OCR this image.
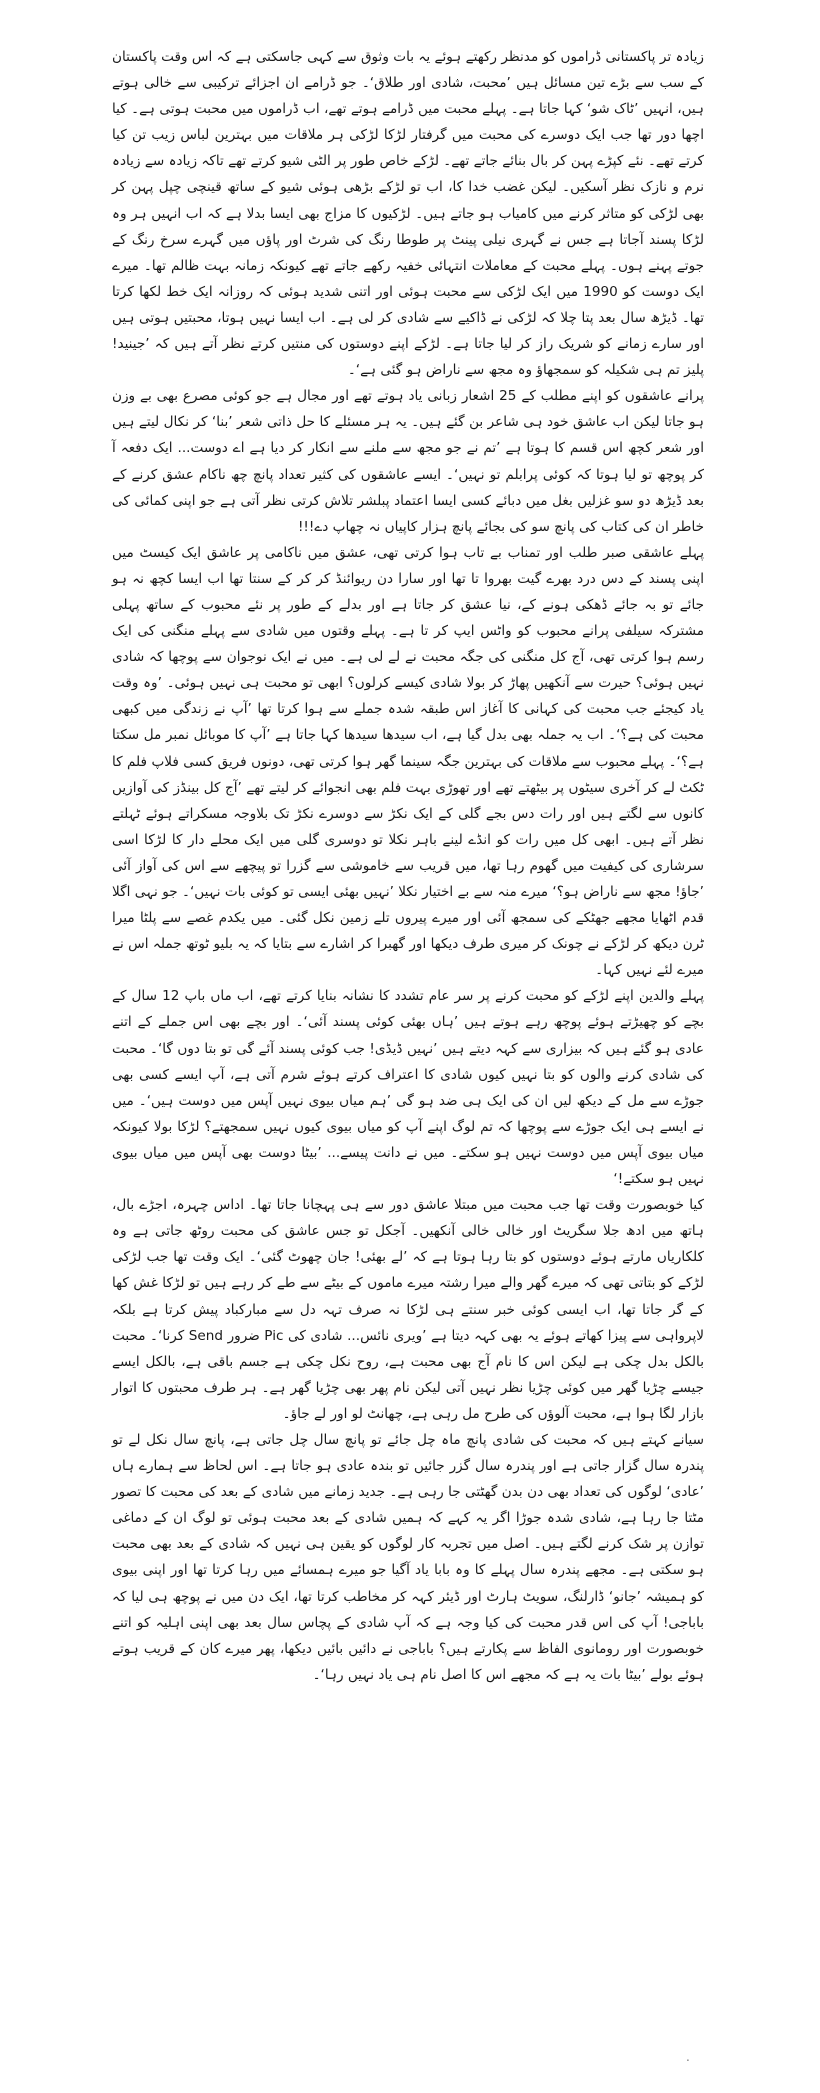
زیادہ تر پاکستانی ڈراموں کو مدنظر رکھتے ہوئے یہ بات وثوق سے کہی جاسکتی ہے کہ اس وقت پاکستان کے سب سے بڑے تین مسائل ہیں ’محبت، شادی اور طلاق‘۔ جو ڈرامے ان اجزائے ترکیبی سے خالی ہوتے ہیں، انہیں ’ٹاک شو‘ کہا جاتا ہے۔ پہلے محبت میں ڈرامے ہوتے تھے، اب ڈراموں میں محبت ہوتی ہے۔ کیا اچھا دور تھا جب ایک دوسرے کی محبت میں گرفتار لڑکا لڑکی ہر ملاقات میں بہترین لباس زیب تن کیا کرتے تھے۔ نئے کپڑے پہن کر بال بنائے جاتے تھے۔ لڑکے خاص طور پر الٹی شیو کرتے تھے تاکہ زیادہ سے زیادہ نرم و نازک نظر آسکیں۔ لیکن غضب خدا کا، اب تو لڑکے بڑھی ہوئی شیو کے ساتھ قینچی چپل پہن کر بھی لڑکی کو متاثر کرنے میں کامیاب ہو جاتے ہیں۔ لڑکیوں کا مزاج بھی ایسا بدلا ہے کہ اب انہیں ہر وہ لڑکا پسند آجاتا ہے جس نے گہری نیلی پینٹ پر طوطا رنگ کی شرٹ اور پاؤں میں گہرے سرخ رنگ کے جوتے پہنے ہوں۔ پہلے محبت کے معاملات انتہائی خفیہ رکھے جاتے تھے کیونکہ زمانہ بہت ظالم تھا۔ میرے ایک دوست کو 1990 میں ایک لڑکی سے محبت ہوئی اور اتنی شدید ہوئی کہ روزانہ ایک خط لکھا کرتا تھا۔ ڈیڑھ سال بعد پتا چلا کہ لڑکی نے ڈاکیے سے شادی کر لی ہے۔ اب ایسا نہیں ہوتا، محبتیں ہوتی ہیں اور سارے زمانے کو شریک راز کر لیا جاتا ہے۔ لڑکے اپنے دوستوں کی منتیں کرتے نظر آتے ہیں کہ ’جینید! پلیز تم ہی شکیلہ کو سمجھاؤ وہ مجھ سے ناراض ہو گئی ہے‘۔

پرانے عاشقوں کو اپنے مطلب کے 25 اشعار زبانی یاد ہوتے تھے اور مجال ہے جو کوئی مصرع بھی بے وزن ہو جاتا لیکن اب عاشق خود ہی شاعر بن گئے ہیں۔ یہ ہر مسئلے کا حل ذاتی شعر ’بنا‘ کر نکال لیتے ہیں اور شعر کچھ اس قسم کا ہوتا ہے ’تم نے جو مجھ سے ملنے سے انکار کر دیا ہے اے دوست... ایک دفعہ آ کر پوچھ تو لیا ہوتا کہ کوئی پرابلم تو نہیں‘۔ ایسے عاشقوں کی کثیر تعداد پانچ چھ ناکام عشق کرنے کے بعد ڈیڑھ دو سو غزلیں بغل میں دبائے کسی ایسا اعتماد پبلشر تلاش کرتی نظر آتی ہے جو اپنی کمائی کی خاطر ان کی کتاب کی پانچ سو کی بجائے پانچ ہزار کاپیاں نہ چھاپ دے!!!

پہلے عاشقی صبر طلب اور تمناب بے تاب ہوا کرتی تھی، عشق میں ناکامی پر عاشق ایک کیسٹ میں اپنی پسند کے دس درد بھرے گیت بھروا تا تھا اور سارا دن ریوائنڈ کر کر کے سنتا تھا اب ایسا کچھ نہ ہو جائے تو بہ جائے ڈھکی ہونے کے، نیا عشق کر جاتا ہے اور بدلے کے طور پر نئے محبوب کے ساتھ پہلی مشترکہ سیلفی پرانے محبوب کو واٹس ایپ کر تا ہے۔ پہلے وقتوں میں شادی سے پہلے منگنی کی ایک رسم ہوا کرتی تھی، آج کل منگنی کی جگہ محبت نے لے لی ہے۔ میں نے ایک نوجوان سے پوچھا کہ شادی نہیں ہوئی؟ حیرت سے آنکھیں پھاڑ کر بولا شادی کیسے کرلوں؟ ابھی تو محبت ہی نہیں ہوئی۔ ’وہ وقت یاد کیجئے جب محبت کی کہانی کا آغاز اس طبقہ شدہ جملے سے ہوا کرتا تھا ’آپ نے زندگی میں کبھی محبت کی ہے؟‘۔ اب یہ جملہ بھی بدل گیا ہے، اب سیدھا سیدھا کہا جاتا ہے ’آپ کا موبائل نمبر مل سکتا ہے؟‘۔ پہلے محبوب سے ملاقات کی بہترین جگہ سینما گھر ہوا کرتی تھی، دونوں فریق کسی فلاپ فلم کا ٹکٹ لے کر آخری سیٹوں پر بیٹھتے تھے اور تھوڑی بہت فلم بھی انجوائے کر لیتے تھے ’آج کل بینڈز کی آوازیں کانوں سے لگتے ہیں اور رات دس بجے گلی کے ایک نکڑ سے دوسرے نکڑ تک بلاوجہ مسکراتے ہوئے ٹہلتے نظر آتے ہیں۔ ابھی کل میں رات کو انڈے لینے باہر نکلا تو دوسری گلی میں ایک محلے دار کا لڑکا اسی سرشاری کی کیفیت میں گھوم رہا تھا، میں قریب سے خاموشی سے گزرا تو پیچھے سے اس کی آواز آئی ’جاؤ! مجھ سے ناراض ہو؟‘ میرے منہ سے بے اختیار نکلا ’نہیں بھئی ایسی تو کوئی بات نہیں‘۔ جو نہی اگلا قدم اٹھایا مجھے جھٹکے کی سمجھ آئی اور میرے پیروں تلے زمین نکل گئی۔ میں یکدم غصے سے پلٹا میرا ٹرن دیکھ کر لڑکے نے چونک کر میری طرف دیکھا اور گھبرا کر اشارے سے بتایا کہ یہ بلیو ٹوتھ جملہ اس نے میرے لئے نہیں کہا۔

پہلے والدین اپنے لڑکے کو محبت کرنے پر سر عام تشدد کا نشانہ بنایا کرتے تھے، اب ماں باپ 12 سال کے بچے کو چھیڑتے ہوئے پوچھ رہے ہوتے ہیں ’ہاں بھئی کوئی پسند آئی‘۔ اور بچے بھی اس جملے کے اتنے عادی ہو گئے ہیں کہ بیزاری سے کہہ دیتے ہیں ’نہیں ڈیڈی! جب کوئی پسند آئے گی تو بتا دوں گا‘۔ محبت کی شادی کرنے والوں کو بتا نہیں کیوں شادی کا اعتراف کرتے ہوئے شرم آتی ہے، آپ ایسے کسی بھی جوڑے سے مل کے دیکھ لیں ان کی ایک ہی ضد ہو گی ’ہم میاں بیوی نہیں آپس میں دوست ہیں‘۔ میں نے ایسے ہی ایک جوڑے سے پوچھا کہ تم لوگ اپنے آپ کو میاں بیوی کیوں نہیں سمجھتے؟ لڑکا بولا کیونکہ میاں بیوی آپس میں دوست نہیں ہو سکتے۔ میں نے دانت پیسے... ’بیٹا دوست بھی آپس میں میاں بیوی نہیں ہو سکتے!‘

کیا خوبصورت وقت تھا جب محبت میں مبتلا عاشق دور سے ہی پہچانا جاتا تھا۔ اداس چہرہ، اجڑے بال، ہاتھ میں ادھ جلا سگریٹ اور خالی خالی آنکھیں۔ آجکل تو جس عاشق کی محبت روٹھ جاتی ہے وہ کلکاریاں مارتے ہوئے دوستوں کو بتا رہا ہوتا ہے کہ ’لے بھئی! جان چھوٹ گئی‘۔ ایک وقت تھا جب لڑکی لڑکے کو بتاتی تھی کہ میرے گھر والے میرا رشتہ میرے ماموں کے بیٹے سے طے کر رہے ہیں تو لڑکا غش کھا کے گر جاتا تھا، اب ایسی کوئی خبر سنتے ہی لڑکا نہ صرف تہہ دل سے مبارکباد پیش کرتا ہے بلکہ لاپرواہی سے پیزا کھاتے ہوئے یہ بھی کہہ دیتا ہے ’ویری نائس... شادی کی Pic ضرور Send کرنا‘۔ محبت بالکل بدل چکی ہے لیکن اس کا نام آج بھی محبت ہے، روح نکل چکی ہے جسم باقی ہے، بالکل ایسے جیسے چڑیا گھر میں کوئی چڑیا نظر نہیں آتی لیکن نام پھر بھی چڑیا گھر ہے۔ ہر طرف محبتوں کا اتوار بازار لگا ہوا ہے، محبت آلوؤں کی طرح مل رہی ہے، چھانٹ لو اور لے جاؤ۔

سیانے کہتے ہیں کہ محبت کی شادی پانچ ماہ چل جائے تو پانچ سال چل جاتی ہے، پانچ سال نکل لے تو پندرہ سال گزار جاتی ہے اور پندرہ سال گزر جائیں تو بندہ عادی ہو جاتا ہے۔ اس لحاظ سے ہمارے ہاں ’عادی‘ لوگوں کی تعداد بھی دن بدن گھٹتی جا رہی ہے۔ جدید زمانے میں شادی کے بعد کی محبت کا تصور مٹتا جا رہا ہے، شادی شدہ جوڑا اگر یہ کہے کہ ہمیں شادی کے بعد محبت ہوئی تو لوگ ان کے دماغی توازن پر شک کرنے لگتے ہیں۔ اصل میں تجربہ کار لوگوں کو یقین ہی نہیں کہ شادی کے بعد بھی محبت ہو سکتی ہے۔ مجھے پندرہ سال پہلے کا وہ بابا یاد آگیا جو میرے ہمسائے میں رہا کرتا تھا اور اپنی بیوی کو ہمیشہ ’جانو‘ ڈارلنگ، سویٹ ہارٹ اور ڈیئر کہہ کر مخاطب کرتا تھا، ایک دن میں نے پوچھ ہی لیا کہ باباجی! آپ کی اس قدر محبت کی کیا وجہ ہے کہ آپ شادی کے پچاس سال بعد بھی اپنی اہلیہ کو اتنے خوبصورت اور رومانوی الفاظ سے پکارتے ہیں؟ باباجی نے دائیں بائیں دیکھا، پھر میرے کان کے قریب ہوتے ہوئے بولے ’بیٹا بات یہ ہے کہ مجھے اس کا اصل نام ہی یاد نہیں رہا‘۔

.
